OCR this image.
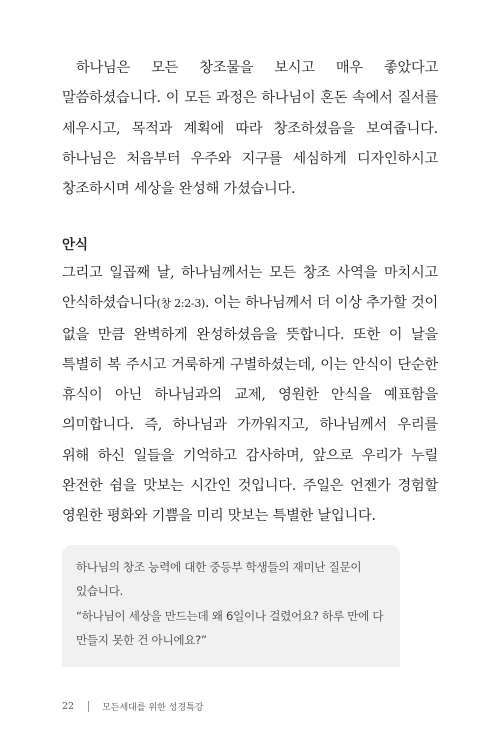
하나님은 모든 창조물을 보시고 매우 좋았다고 말씀하셨습니다. 이 모든 과정은 하나님이 혼돈 속에서 질서를 세우시고, 목적과 계획에 따라 창조하셨음을 보여줍니다. 하나님은 처음부터 우주와 지구를 세심하게 디자인하시고 창조하시며 세상을 완성해 가셨습니다.

안식

그리고 일곱째 날, 하나님께서는 모든 창조 사역을 마치시고 안식하셨습니다(창 2:2-3). 이는 하나님께서 더 이상 추가할 것이 없을 만큼 완벽하게 완성하셨음을 뜻합니다. 또한 이 날을 특별히 복 주시고 거룩하게 구별하셨는데, 이는 안식이 단순한 휴식이 아닌 하나님과의 교제, 영원한 안식을 예표함을 의미합니다. 즉, 하나님과 가까워지고, 하나님께서 우리를 위해 하신 일들을 기억하고 감사하며, 앞으로 우리가 누릴 완전한 쉼을 맛보는 시간인 것입니다. 주일은 언젠가 경험할 영원한 평화와 기쁨을 미리 맛보는 특별한 날입니다.

하나님의 창조 능력에 대한 중등부 학생들의 재미난 질문이 있습니다.

“하나님이 세상을 만드는데 왜 6일이나 걸렸어요? 하루 만에 다 만들지 못한 건 아니에요?”

22	모든세대를 위한 성경특강
